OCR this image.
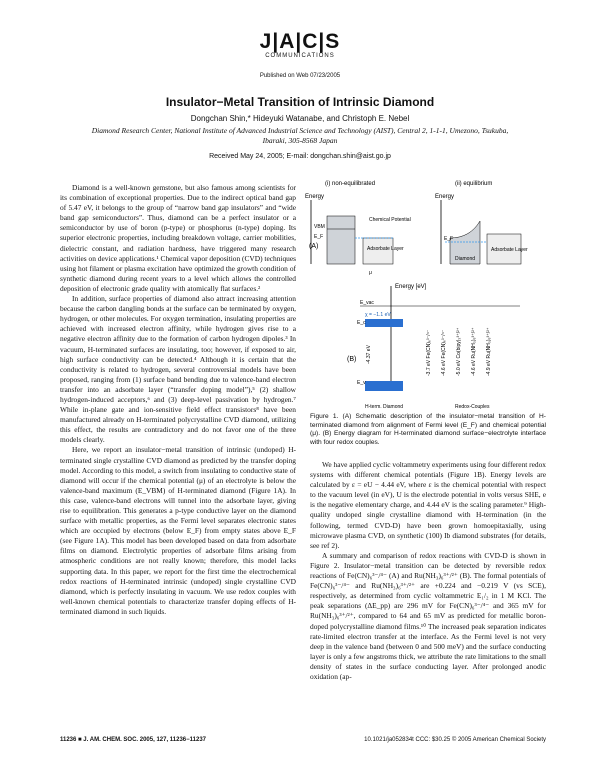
J|A|C|S
COMMUNICATIONS
Published on Web 07/23/2005
Insulator−Metal Transition of Intrinsic Diamond
Dongchan Shin,* Hideyuki Watanabe, and Christoph E. Nebel
Diamond Research Center, National Institute of Advanced Industrial Science and Technology (AIST), Central 2, 1-1-1, Umezono, Tsukuba, Ibaraki, 305-8568 Japan
Received May 24, 2005; E-mail: dongchan.shin@aist.go.jp

Diamond is a well-known gemstone, but also famous among scientists for its combination of exceptional properties. Due to the indirect optical band gap of 5.47 eV, it belongs to the group of “narrow band gap insulators” and “wide band gap semiconductors”. Thus, diamond can be a perfect insulator or a semiconductor by use of boron (p-type) or phosphorus (n-type) doping. Its superior electronic properties, including breakdown voltage, carrier mobilities, dielectric constant, and radiation hardness, have triggered many research activities on device applications.¹ Chemical vapor deposition (CVD) techniques using hot filament or plasma excitation have optimized the growth condition of synthetic diamond during recent years to a level which allows the controlled deposition of electronic grade quality with atomically flat surfaces.²

In addition, surface properties of diamond also attract increasing attention because the carbon dangling bonds at the surface can be terminated by oxygen, hydrogen, or other molecules. For oxygen termination, insulating properties are achieved with increased electron affinity, while hydrogen gives rise to a negative electron affinity due to the formation of carbon hydrogen dipoles.³ In vacuum, H-terminated surfaces are insulating, too; however, if exposed to air, high surface conductivity can be detected.⁴ Although it is certain that the conductivity is related to hydrogen, several controversial models have been proposed, ranging from (1) surface band bending due to valence-band electron transfer into an adsorbate layer (“transfer doping model”),⁵ (2) shallow hydrogen-induced acceptors,⁶ and (3) deep-level passivation by hydrogen.⁷ While in-plane gate and ion-sensitive field effect transistors⁸ have been manufactured already on H-terminated polycrystalline CVD diamond, utilizing this effect, the results are contradictory and do not favor one of the three models clearly.

Here, we report an insulator−metal transition of intrinsic (undoped) H-terminated single crystalline CVD diamond as predicted by the transfer doping model. According to this model, a switch from insulating to conductive state of diamond will occur if the chemical potential (μ) of an electrolyte is below the valence-band maximum (E_VBM) of H-terminated diamond (Figure 1A). In this case, valence-band electrons will tunnel into the adsorbate layer, giving rise to equilibration. This generates a p-type conductive layer on the diamond surface with metallic properties, as the Fermi level separates electronic states which are occupied by electrons (below E_F) from empty states above E_F (see Figure 1A). This model has been developed based on data from adsorbate films on diamond. Electrolytic properties of adsorbate films arising from atmospheric conditions are not really known; therefore, this model lacks supporting data. In this paper, we report for the first time the electrochemical redox reactions of H-terminated intrinsic (undoped) single crystalline CVD diamond, which is perfectly insulating in vacuum. We use redox couples with well-known chemical potentials to characterize transfer doping effects of H-terminated diamond in such liquids.

(i) non-equilibrated
Energy
VBM
E_F
Chemical Potential
Adsorbate Layer
(A)
μ
(ii) equilibrium
Energy
Adsorbate Layer
Diamond
E_F
Energy [eV]
E_vac
χ = −1.1 eV
E_v
E_c
-4.37 eV
(B)	-3.7 eV Fe(CN)₆³⁻/⁴⁻ -4.6 eV Fe(CN)₆³⁻/⁴⁻ -5.0 eV Co(bipy)₃³⁺/²⁺ -4.6 eV Ru(NH₃)₆³⁺/²⁺ -4.9 eV Ru(NH₃)₆³⁺/²⁺
H-term. Diamond	Redox-Couples
Figure 1. (A) Schematic description of the insulator−metal transition of H-terminated diamond from alignment of Fermi level (E_F) and chemical potential (μ). (B) Energy diagram for H-terminated diamond surface−electrolyte interface with four redox couples.

We have applied cyclic voltammetry experiments using four different redox systems with different chemical potentials (Figure 1B). Energy levels are calculated by ε = eU − 4.44 eV, where ε is the chemical potential with respect to the vacuum level (in eV), U is the electrode potential in volts versus SHE, e is the negative elementary charge, and 4.44 eV is the scaling parameter.⁹ High-quality undoped single crystalline diamond with H-termination (in the following, termed CVD-D) have been grown homoepitaxially, using microwave plasma CVD, on synthetic (100) Ib diamond substrates (for details, see ref 2).

A summary and comparison of redox reactions with CVD-D is shown in Figure 2. Insulator−metal transition can be detected by reversible redox reactions of Fe(CN)₆³⁻/⁴⁻ (A) and Ru(NH₃)₆³⁺/²⁺ (B). The formal potentials of Fe(CN)₆³⁻/⁴⁻ and Ru(NH₃)₆³⁺/²⁺ are +0.224 and −0.219 V (vs SCE), respectively, as determined from cyclic voltammetric E₁/₂ in 1 M KCl. The peak separations (ΔE_pp) are 296 mV for Fe(CN)₆³⁻/⁴⁻ and 365 mV for Ru(NH₃)₆³⁺/²⁺, compared to 64 and 65 mV as predicted for metallic boron-doped polycrystalline diamond films.¹⁰ The increased peak separation indicates rate-limited electron transfer at the interface. As the Fermi level is not very deep in the valence band (between 0 and 500 meV) and the surface conducting layer is only a few angstroms thick, we attribute the rate limitations to the small density of states in the surface conducting layer. After prolonged anodic oxidation (ap-

11236 ■ J. AM. CHEM. SOC. 2005, 127, 11236−11237	10.1021/ja052834t CCC: $30.25 © 2005 American Chemical Society
